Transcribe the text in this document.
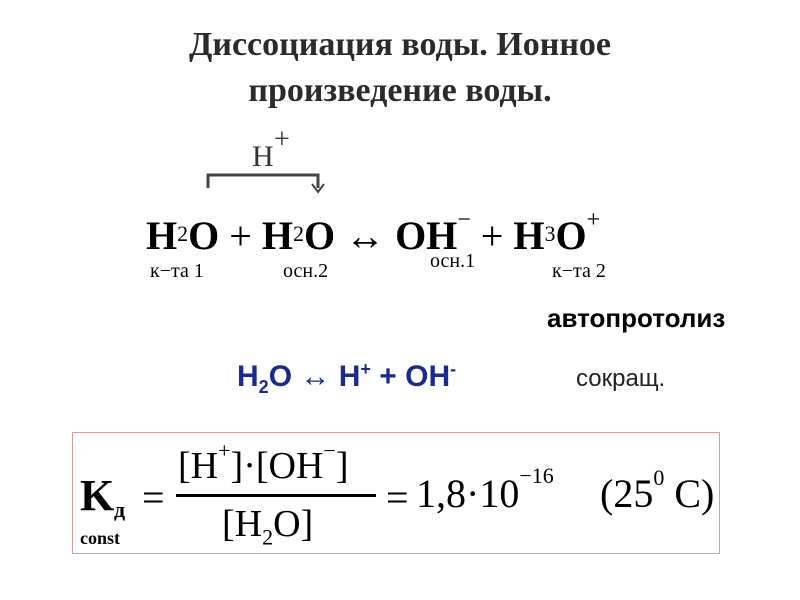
Диссоциация воды. Ионное
произведение воды.
H
+
$H_2O + H_2O$ ↔ $OH^- + H_3O^+$
к−та 1	осн.2	осн.1	к−та 2
автопротолиз
$H_2O$ ↔ H+ + OH-	сокращ.
K д
const
=
[H+]·[OH−]
$[H_2O]$
= $1,8\cdot 10^{-16}$ ($25^0$ C)
